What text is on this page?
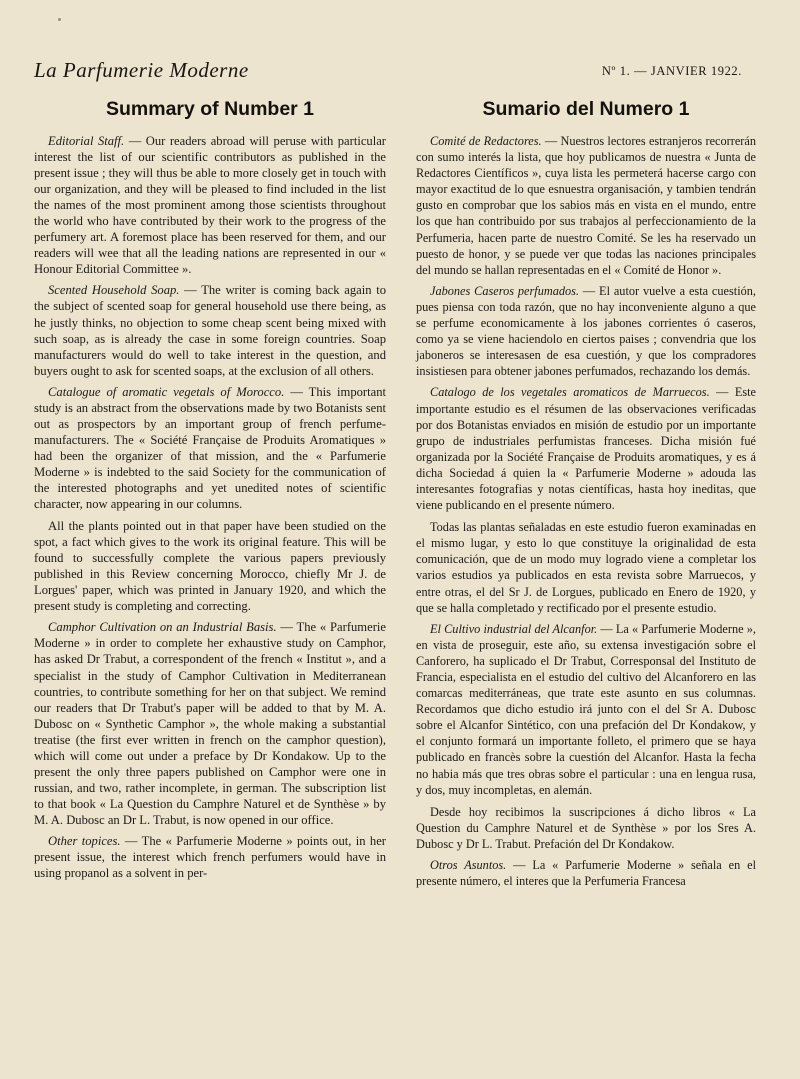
La Parfumerie Moderne	Nº 1. — JANVIER 1922.
Summary of Number 1

Editorial Staff. — Our readers abroad will peruse with particular interest the list of our scientific contributors as published in the present issue ; they will thus be able to more closely get in touch with our organization, and they will be pleased to find included in the list the names of the most prominent among those scientists throughout the world who have contributed by their work to the progress of the perfumery art. A foremost place has been reserved for them, and our readers will wee that all the leading nations are represented in our « Honour Editorial Committee ».

Scented Household Soap. — The writer is coming back again to the subject of scented soap for general household use there being, as he justly thinks, no objection to some cheap scent being mixed with such soap, as is already the case in some foreign countries. Soap manufacturers would do well to take interest in the question, and buyers ought to ask for scented soaps, at the exclusion of all others.

Catalogue of aromatic vegetals of Morocco. — This important study is an abstract from the observations made by two Botanists sent out as prospectors by an important group of french perfume-manufacturers. The « Société Française de Produits Aromatiques » had been the organizer of that mission, and the « Parfumerie Moderne » is indebted to the said Society for the communication of the interested photographs and yet unedited notes of scientific character, now appearing in our columns.

All the plants pointed out in that paper have been studied on the spot, a fact which gives to the work its original feature. This will be found to successfully complete the various papers previously published in this Review concerning Morocco, chiefly Mr J. de Lorgues' paper, which was printed in January 1920, and which the present study is completing and correcting.

Camphor Cultivation on an Industrial Basis. — The « Parfumerie Moderne » in order to complete her exhaustive study on Camphor, has asked Dr Trabut, a correspondent of the french « Institut », and a specialist in the study of Camphor Cultivation in Mediterranean countries, to contribute something for her on that subject. We remind our readers that Dr Trabut's paper will be added to that by M. A. Dubosc on « Synthetic Camphor », the whole making a substantial treatise (the first ever written in french on the camphor question), which will come out under a preface by Dr Kondakow. Up to the present the only three papers published on Camphor were one in russian, and two, rather incomplete, in german. The subscription list to that book « La Question du Camphre Naturel et de Synthèse » by M. A. Dubosc an Dr L. Trabut, is now opened in our office.

Other topices. — The « Parfumerie Moderne » points out, in her present issue, the interest which french perfumers would have in using propanol as a solvent in per-

Sumario del Numero 1

Comité de Redactores. — Nuestros lectores estranjeros recorrerán con sumo interés la lista, que hoy publicamos de nuestra « Junta de Redactores Científicos », cuya lista les permeterá hacerse cargo con mayor exactitud de lo que esnuestra organisación, y tambien tendrán gusto en comprobar que los sabios más en vista en el mundo, entre los que han contribuido por sus trabajos al perfeccionamiento de la Perfumeria, hacen parte de nuestro Comité. Se les ha reservado un puesto de honor, y se puede ver que todas las naciones principales del mundo se hallan representadas en el « Comité de Honor ».

Jabones Caseros perfumados. — El autor vuelve a esta cuestión, pues piensa con toda razón, que no hay inconveniente alguno a que se perfume economicamente à los jabones corrientes ó caseros, como ya se viene haciendolo en ciertos paises ; convendria que los jaboneros se interesasen de esa cuestión, y que los compradores insistiesen para obtener jabones perfumados, rechazando los demás.

Catalogo de los vegetales aromaticos de Marruecos. — Este importante estudio es el résumen de las observaciones verificadas por dos Botanistas enviados en misión de estudio por un importante grupo de industriales perfumistas franceses. Dicha misión fué organizada por la Société Française de Produits aromatiques, y es á dicha Sociedad á quien la « Parfumerie Moderne » adouda las interesantes fotografias y notas científicas, hasta hoy ineditas, que viene publicando en el presente número.

Todas las plantas señaladas en este estudio fueron examinadas en el mismo lugar, y esto lo que constituye la originalidad de esta comunicación, que de un modo muy logrado viene a completar los varios estudios ya publicados en esta revista sobre Marruecos, y entre otras, el del Sr J. de Lorgues, publicado en Enero de 1920, y que se halla completado y rectificado por el presente estudio.

El Cultivo industrial del Alcanfor. — La « Parfumerie Moderne », en vista de proseguir, este año, su extensa investigación sobre el Canforero, ha suplicado el Dr Trabut, Corresponsal del Instituto de Francia, especialista en el estudio del cultivo del Alcanforero en las comarcas mediterráneas, que trate este asunto en sus columnas. Recordamos que dicho estudio irá junto con el del Sr A. Dubosc sobre el Alcanfor Sintético, con una prefación del Dr Kondakow, y el conjunto formará un importante folleto, el primero que se haya publicado en francès sobre la cuestión del Alcanfor. Hasta la fecha no habia más que tres obras sobre el particular : una en lengua rusa, y dos, muy incompletas, en alemán.

Desde hoy recibimos la suscripciones á dicho libros « La Question du Camphre Naturel et de Synthèse » por los Sres A. Dubosc y Dr L. Trabut. Prefación del Dr Kondakow.

Otros Asuntos. — La « Parfumerie Moderne » señala en el presente número, el interes que la Perfumeria Francesa
